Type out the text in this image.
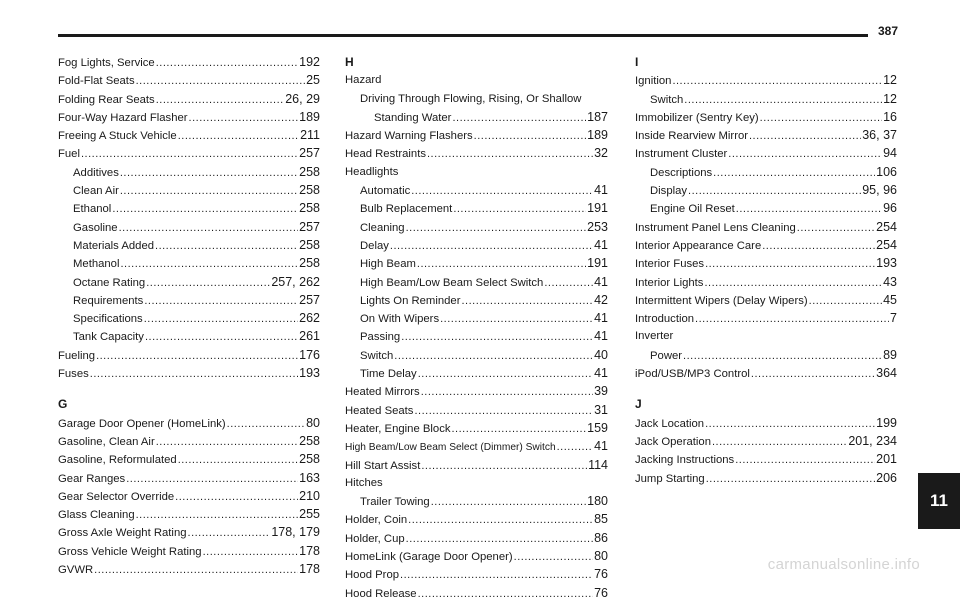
387
Fog Lights, Service .....	192
Fold-Flat Seats .....	25
Folding Rear Seats .....	26, 29
Four-Way Hazard Flasher .....	189
Freeing A Stuck Vehicle .....	211
Fuel .....	257
Additives .....	258
Clean Air .....	258
Ethanol .....	258
Gasoline .....	257
Materials Added .....	258
Methanol .....	258
Octane Rating .....	257, 262
Requirements .....	257
Specifications .....	262
Tank Capacity .....	261
Fueling .....	176
Fuses .....	193
G
Garage Door Opener (HomeLink) .....	80
Gasoline, Clean Air .....	258
Gasoline, Reformulated .....	258
Gear Ranges .....	163
Gear Selector Override .....	210
Glass Cleaning .....	255
Gross Axle Weight Rating .....	178, 179
Gross Vehicle Weight Rating .....	178
GVWR .....	178
H
Hazard
Driving Through Flowing, Rising, Or Shallow
Standing Water .....	187
Hazard Warning Flashers .....	189
Head Restraints .....	32
Headlights
Automatic .....	41
Bulb Replacement .....	191
Cleaning .....	253
Delay .....	41
High Beam .....	191
High Beam/Low Beam Select Switch .....	41
Lights On Reminder .....	42
On With Wipers .....	41
Passing .....	41
Switch .....	40
Time Delay .....	41
Heated Mirrors .....	39
Heated Seats .....	31
Heater, Engine Block .....	159
High Beam/Low Beam Select (Dimmer) Switch .....	41
Hill Start Assist .....	114
Hitches
Trailer Towing .....	180
Holder, Coin .....	85
Holder, Cup .....	86
HomeLink (Garage Door Opener) .....	80
Hood Prop .....	76
Hood Release .....	76
I
Ignition .....	12
Switch .....	12
Immobilizer (Sentry Key) .....	16
Inside Rearview Mirror .....	36, 37
Instrument Cluster .....	94
Descriptions .....	106
Display .....	95, 96
Engine Oil Reset .....	96
Instrument Panel Lens Cleaning .....	254
Interior Appearance Care .....	254
Interior Fuses .....	193
Interior Lights .....	43
Intermittent Wipers (Delay Wipers) .....	45
Introduction .....	7
Inverter
Power .....	89
iPod/USB/MP3 Control .....	364
J
Jack Location .....	199
Jack Operation .....	201, 234
Jacking Instructions .....	201
Jump Starting .....	206
11
carmanualsonline.info
